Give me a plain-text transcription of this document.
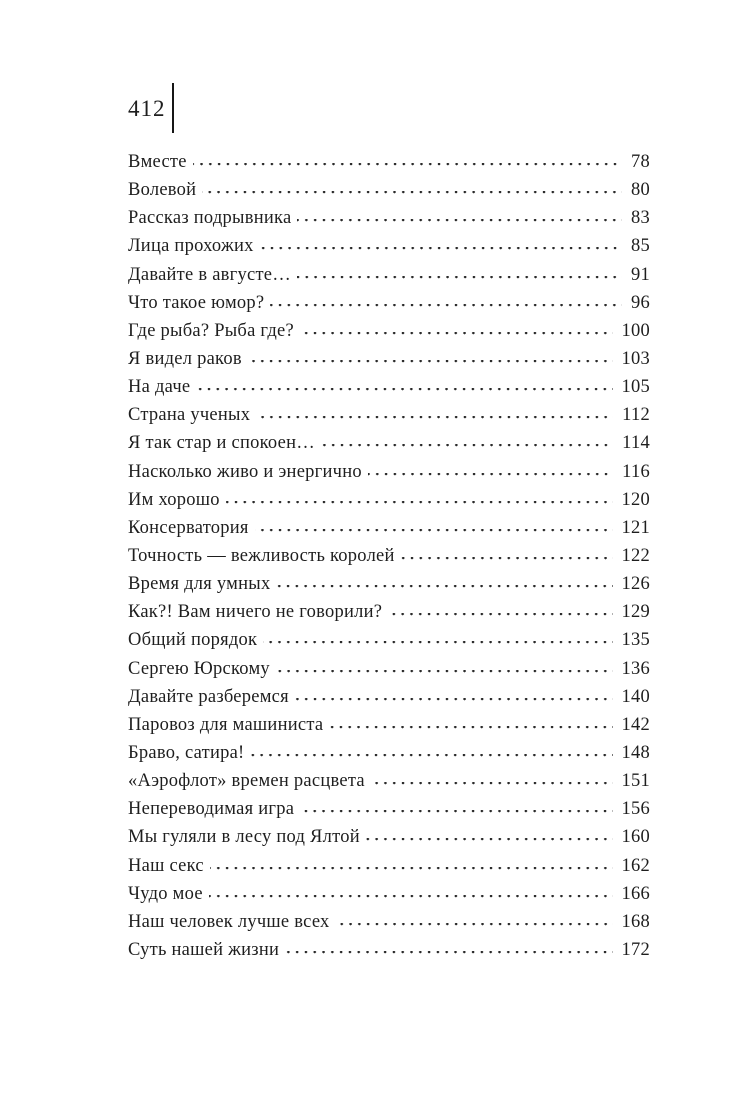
412
Вместе	78
Волевой	80
Рассказ подрывника	83
Лица прохожих	85
Давайте в августе…	91
Что такое юмор?	96
Где рыба? Рыба где?	100
Я видел раков	103
На даче	105
Страна ученых	112
Я так стар и спокоен…	114
Насколько живо и энергично	116
Им хорошо	120
Консерватория	121
Точность — вежливость королей	122
Время для умных	126
Как?! Вам ничего не говорили?	129
Общий порядок	135
Сергею Юрскому	136
Давайте разберемся	140
Паровоз для машиниста	142
Браво, сатира!	148
«Аэрофлот» времен расцвета	151
Непереводимая игра	156
Мы гуляли в лесу под Ялтой	160
Наш секс	162
Чудо мое	166
Наш человек лучше всех	168
Суть нашей жизни	172
